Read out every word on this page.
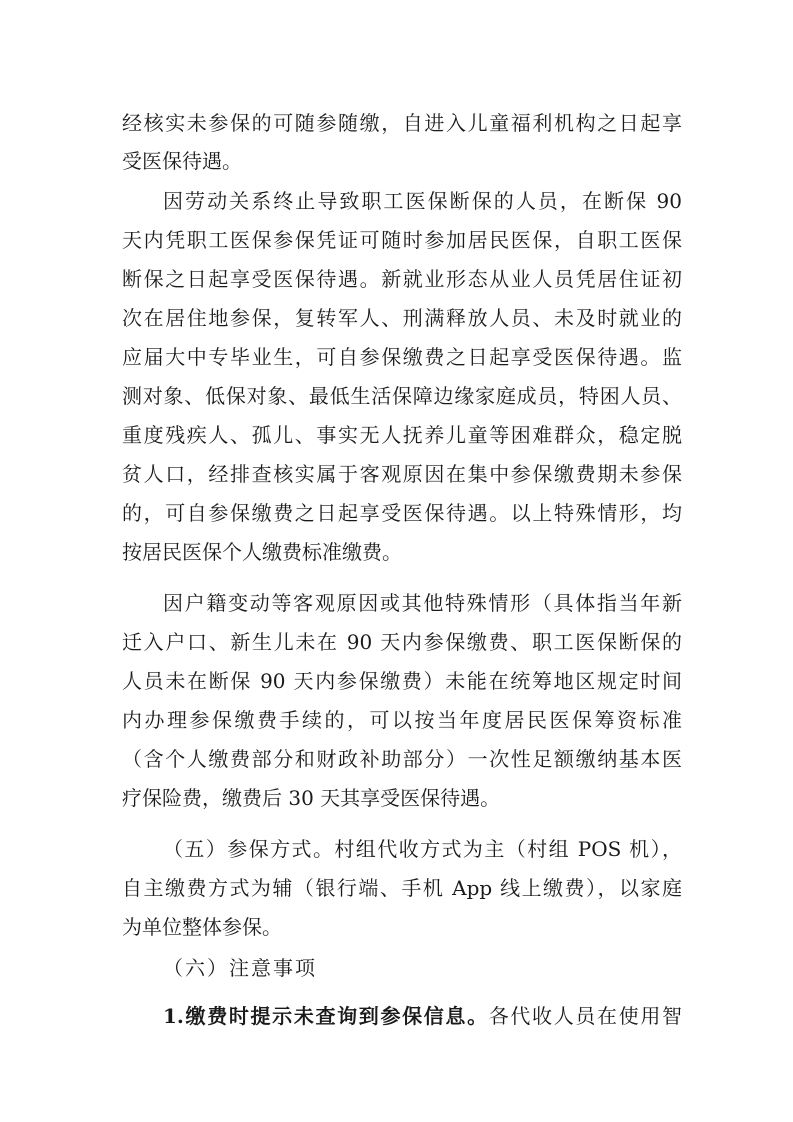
经核实未参保的可随参随缴，自进入儿童福利机构之日起享
受医保待遇。
因劳动关系终止导致职工医保断保的人员，在断保 90
天内凭职工医保参保凭证可随时参加居民医保，自职工医保
断保之日起享受医保待遇。新就业形态从业人员凭居住证初
次在居住地参保，复转军人、刑满释放人员、未及时就业的
应届大中专毕业生，可自参保缴费之日起享受医保待遇。监
测对象、低保对象、最低生活保障边缘家庭成员，特困人员、
重度残疾人、孤儿、事实无人抚养儿童等困难群众，稳定脱
贫人口，经排查核实属于客观原因在集中参保缴费期未参保
的，可自参保缴费之日起享受医保待遇。以上特殊情形，均
按居民医保个人缴费标准缴费。
因户籍变动等客观原因或其他特殊情形（具体指当年新
迁入户口、新生儿未在 90 天内参保缴费、职工医保断保的
人员未在断保 90 天内参保缴费）未能在统筹地区规定时间
内办理参保缴费手续的，可以按当年度居民医保筹资标准
（含个人缴费部分和财政补助部分）一次性足额缴纳基本医
疗保险费，缴费后 30 天其享受医保待遇。
（五）参保方式。村组代收方式为主（村组 POS 机），
自主缴费方式为辅（银行端、手机 App 线上缴费），以家庭
为单位整体参保。
（六）注意事项
1.缴费时提示未查询到参保信息。各代收人员在使用智
